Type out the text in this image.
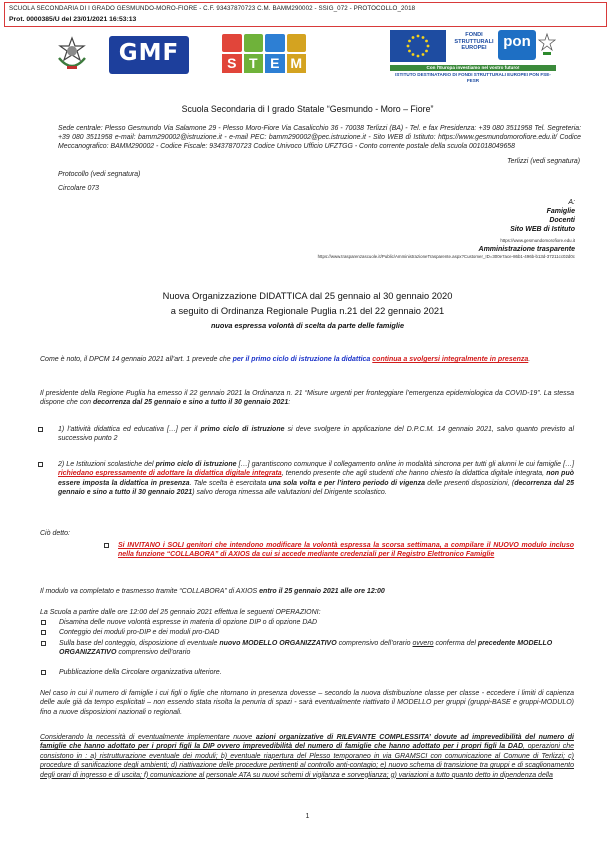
SCUOLA SECONDARIA DI I GRADO GESMUNDO-MORO-FIORE - C.F. 93437870723 C.M. BAMM290002 - SSIG_072 - PROTOCOLLO_2018
Prot. 0000385/U del 23/01/2021 16:53:13
GMF	S T E M
FONDI STRUTTURALI EUROPEI	pon
Con l'Europa investiamo nel vostro futuro!
ISTITUTO DESTINATARIO DI FONDI STRUTTURALI EUROPEI PON FSE-FESR
Scuola Secondaria di I grado Statale “Gesmundo - Moro – Fiore”
Sede centrale: Plesso Gesmundo Via Salamone 29 - Plesso Moro-Fiore Via Casalicchio 36 - 70038 Terlizzi (BA) - Tel. e fax Presidenza: +39 080 3511958 Tel. Segreteria: +39 080 3511958 e-mail: bamm290002@istruzione.it - e-mail PEC: bamm290002@pec.istruzione.it - Sito WEB di Istituto: https://www.gesmundomorofiore.edu.it/ Codice Meccanografico: BAMM290002 - Codice Fiscale: 93437870723 Codice Univoco Ufficio UFZTGG - Conto corrente postale della scuola 001018049658
Terlizzi (vedi segnatura)
Protocollo (vedi segnatura)
Circolare 073
A:
Famiglie
Docenti
Sito WEB di Istituto
https://www.gesmundomorofiore.edu.it
Amministrazione trasparente
https://www.trasparenzascuole.it/Public/AmministrazioneTrasparente.aspx?Customer_ID=300e7ace-86b1-496b-b13d-37211cc02d0c
Nuova Organizzazione DIDATTICA dal 25 gennaio al 30 gennaio 2020
a seguito di Ordinanza Regionale Puglia n.21 del 22 gennaio 2021
nuova espressa volontà di scelta da parte delle famiglie
Come è noto, il DPCM 14 gennaio 2021 all’art. 1 prevede che per il primo ciclo di istruzione la didattica continua a svolgersi integralmente in presenza.
Il presidente della Regione Puglia ha emesso il 22 gennaio 2021 la Ordinanza n. 21 “Misure urgenti per fronteggiare l’emergenza epidemiologica da COVID-19”. La stessa dispone che con decorrenza dal 25 gennaio e sino a tutto il 30 gennaio 2021:
1) l’attività didattica ed educativa […] per il primo ciclo di istruzione si deve svolgere in applicazione del D.P.C.M. 14 gennaio 2021, salvo quanto previsto al successivo punto 2
2) Le Istituzioni scolastiche del primo ciclo di istruzione […] garantiscono comunque il collegamento online in modalità sincrona per tutti gli alunni le cui famiglie […] richiedano espressamente di adottare la didattica digitale integrata, tenendo presente che agli studenti che hanno chiesto la didattica digitale integrata, non può essere imposta la didattica in presenza. Tale scelta è esercitata una sola volta e per l’intero periodo di vigenza delle presenti disposizioni, (decorrenza dal 25 gennaio e sino a tutto il 30 gennaio 2021) salvo deroga rimessa alle valutazioni del Dirigente scolastico.
Ciò detto:
Si INVITANO i SOLI genitori che intendono modificare la volontà espressa la scorsa settimana, a compilare il NUOVO modulo incluso nella funzione “COLLABORA” di AXIOS da cui si accede mediante credenziali per il Registro Elettronico Famiglie
Il modulo va completato e trasmesso tramite “COLLABORA” di AXIOS entro il 25 gennaio 2021 alle ore 12:00
La Scuola a partire dalle ore 12:00 del 25 gennaio 2021 effettua le seguenti OPERAZIONI:
Disamina delle nuove volontà espresse in materia di opzione DIP o di opzione DAD
Conteggio dei moduli pro-DIP e dei moduli pro-DAD
Sulla base del conteggio, disposizione di eventuale nuovo MODELLO ORGANIZZATIVO comprensivo dell’orario ovvero conferma del precedente MODELLO ORGANIZZATIVO comprensivo dell’orario
Pubblicazione della Circolare organizzativa ulteriore.
Nel caso in cui il numero di famiglie i cui figli o figlie che ritornano in presenza dovesse – secondo la nuova distribuzione classe per classe - eccedere i limiti di capienza delle aule già da tempo esplicitati – non essendo stata risolta la penuria di spazi - sarà eventualmente riattivato il MODELLO per gruppi (gruppi-BASE e gruppi-MODULO) fino a nuove disposizioni nazionali o regionali.
Considerando la necessità di eventualmente implementare nuove azioni organizzative di RILEVANTE COMPLESSITA’ dovute ad imprevedibilità del numero di famiglie che hanno adottato per i propri figli la DIP ovvero imprevedibilità del numero di famiglie che hanno adottato per i propri figli la DAD, operazioni che consistono in : a) ristrutturazione eventuale dei moduli; b) eventuale riapertura del Plesso temporaneo in via GRAMSCI con comunicazione al Comune di Terlizzi; c) procedure di sanificazione degli ambienti; d) riattivazione delle procedure pertinenti al controllo anti-contagio; e) nuovo schema di transizione tra gruppi e di scaglionamento degli orari di ingresso e di uscita; f) comunicazione al personale ATA su nuovi schemi di vigilanza e sorveglianza; g) variazioni a tutto quanto detto in dipendenza della
1
